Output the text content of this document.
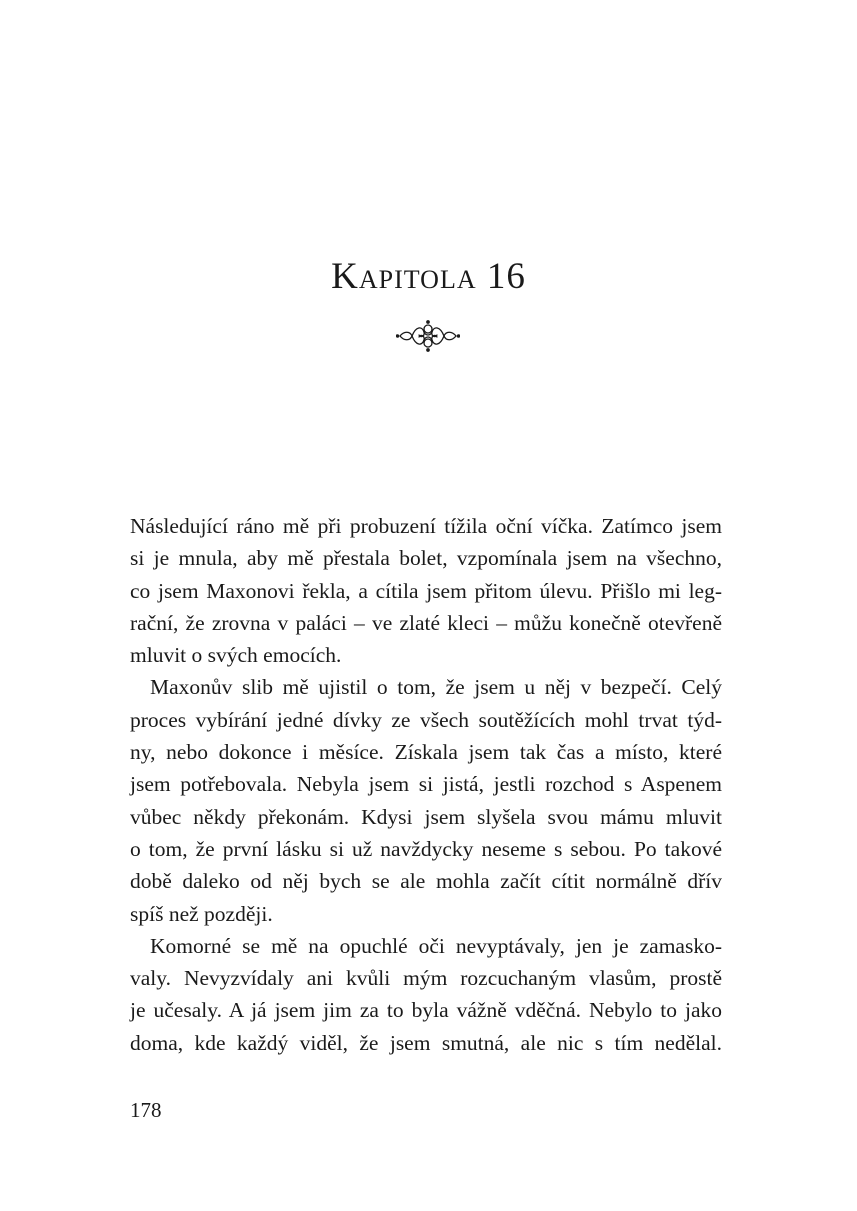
Kapitola 16

Následující ráno mě při probuzení tížila oční víčka. Zatímco jsem
si je mnula, aby mě přestala bolet, vzpomínala jsem na všechno,
co jsem Maxonovi řekla, a cítila jsem přitom úlevu. Přišlo mi leg-
rační, že zrovna v paláci – ve zlaté kleci – můžu konečně otevřeně
mluvit o svých emocích.

Maxonův slib mě ujistil o tom, že jsem u něj v bezpečí. Celý
proces vybírání jedné dívky ze všech soutěžících mohl trvat týd-
ny, nebo dokonce i měsíce. Získala jsem tak čas a místo, které
jsem potřebovala. Nebyla jsem si jistá, jestli rozchod s Aspenem
vůbec někdy překonám. Kdysi jsem slyšela svou mámu mluvit
o tom, že první lásku si už navždycky neseme s sebou. Po takové
době daleko od něj bych se ale mohla začít cítit normálně dřív
spíš než později.

Komorné se mě na opuchlé oči nevyptávaly, jen je zamasko-
valy. Nevyzvídaly ani kvůli mým rozcuchaným vlasům, prostě
je učesaly. A já jsem jim za to byla vážně vděčná. Nebylo to jako
doma, kde každý viděl, že jsem smutná, ale nic s tím nedělal.

178
